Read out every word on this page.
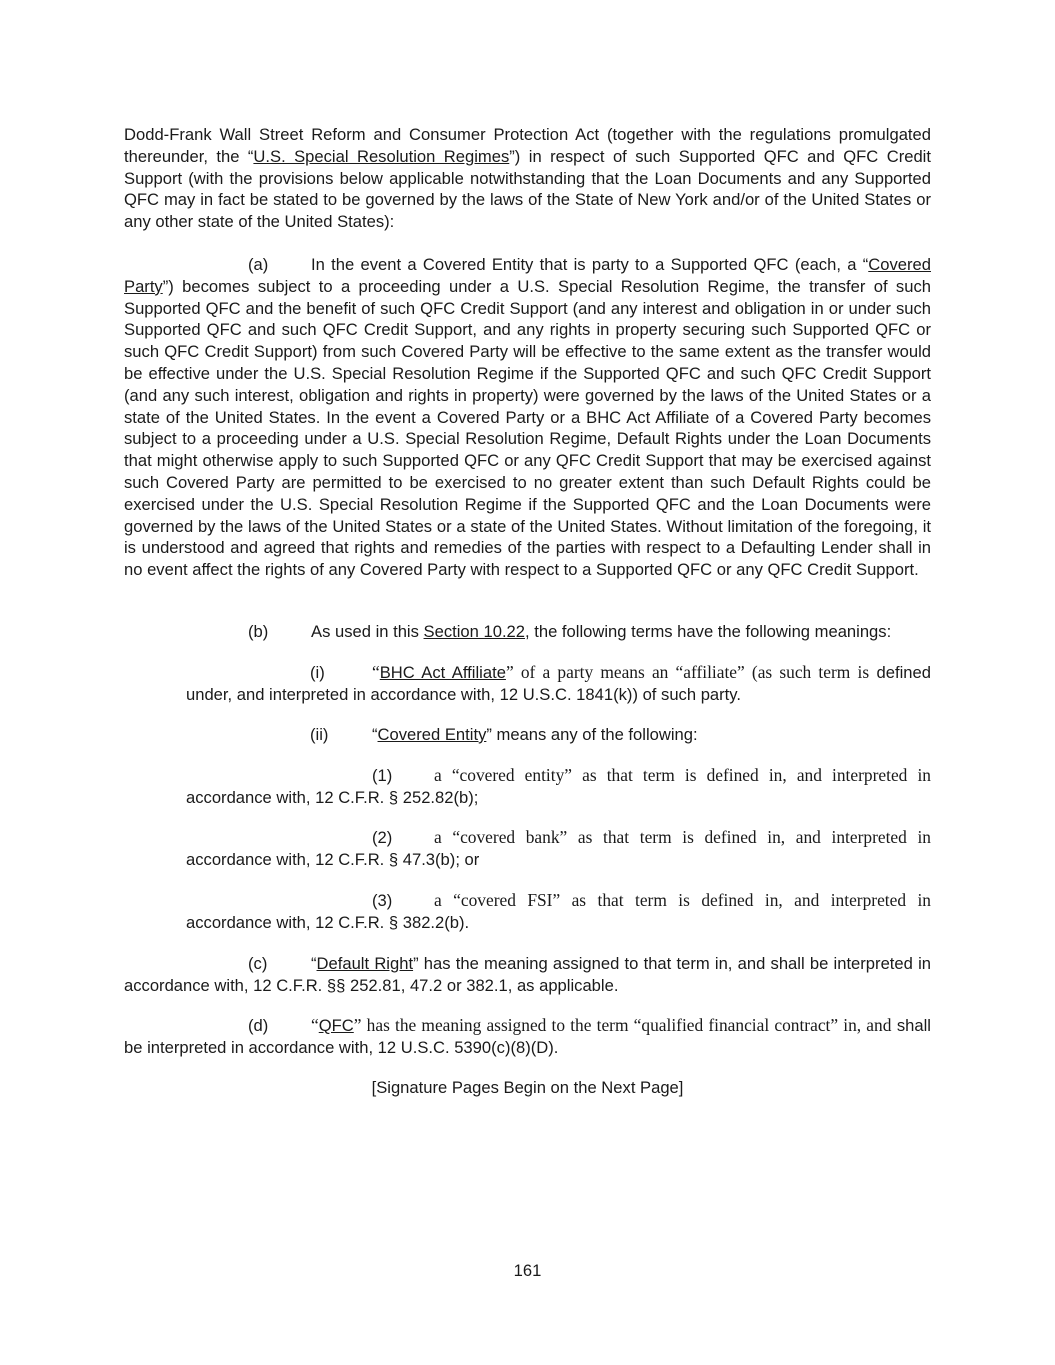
Dodd-Frank Wall Street Reform and Consumer Protection Act (together with the regulations promulgated thereunder, the “U.S. Special Resolution Regimes”) in respect of such Supported QFC and QFC Credit Support (with the provisions below applicable notwithstanding that the Loan Documents and any Supported QFC may in fact be stated to be governed by the laws of the State of New York and/or of the United States or any other state of the United States):

(a)	In the event a Covered Entity that is party to a Supported QFC (each, a “Covered Party”) becomes subject to a proceeding under a U.S. Special Resolution Regime, the transfer of such Supported QFC and the benefit of such QFC Credit Support (and any interest and obligation in or under such Supported QFC and such QFC Credit Support, and any rights in property securing such Supported QFC or such QFC Credit Support) from such Covered Party will be effective to the same extent as the transfer would be effective under the U.S. Special Resolution Regime if the Supported QFC and such QFC Credit Support (and any such interest, obligation and rights in property) were governed by the laws of the United States or a state of the United States. In the event a Covered Party or a BHC Act Affiliate of a Covered Party becomes subject to a proceeding under a U.S. Special Resolution Regime, Default Rights under the Loan Documents that might otherwise apply to such Supported QFC or any QFC Credit Support that may be exercised against such Covered Party are permitted to be exercised to no greater extent than such Default Rights could be exercised under the U.S. Special Resolution Regime if the Supported QFC and the Loan Documents were governed by the laws of the United States or a state of the United States. Without limitation of the foregoing, it is understood and agreed that rights and remedies of the parties with respect to a Defaulting Lender shall in no event affect the rights of any Covered Party with respect to a Supported QFC or any QFC Credit Support.

(b)	As used in this Section 10.22, the following terms have the following meanings:

(i)	“BHC Act Affiliate” of a party means an “affiliate” (as such term is defined under, and interpreted in accordance with, 12 U.S.C. 1841(k)) of such party.

(ii)	“Covered Entity” means any of the following:

(1) a “covered entity” as that term is defined in, and interpreted in accordance with, 12 C.F.R. § 252.82(b);

(2) a “covered bank” as that term is defined in, and interpreted in accordance with, 12 C.F.R. § 47.3(b); or

(3) a “covered FSI” as that term is defined in, and interpreted in accordance with, 12 C.F.R. § 382.2(b).

(c)	“Default Right” has the meaning assigned to that term in, and shall be interpreted in accordance with, 12 C.F.R. §§ 252.81, 47.2 or 382.1, as applicable.

(d) “QFC” has the meaning assigned to the term “qualified financial contract” in, and shall be interpreted in accordance with, 12 U.S.C. 5390(c)(8)(D).

[Signature Pages Begin on the Next Page]

161
